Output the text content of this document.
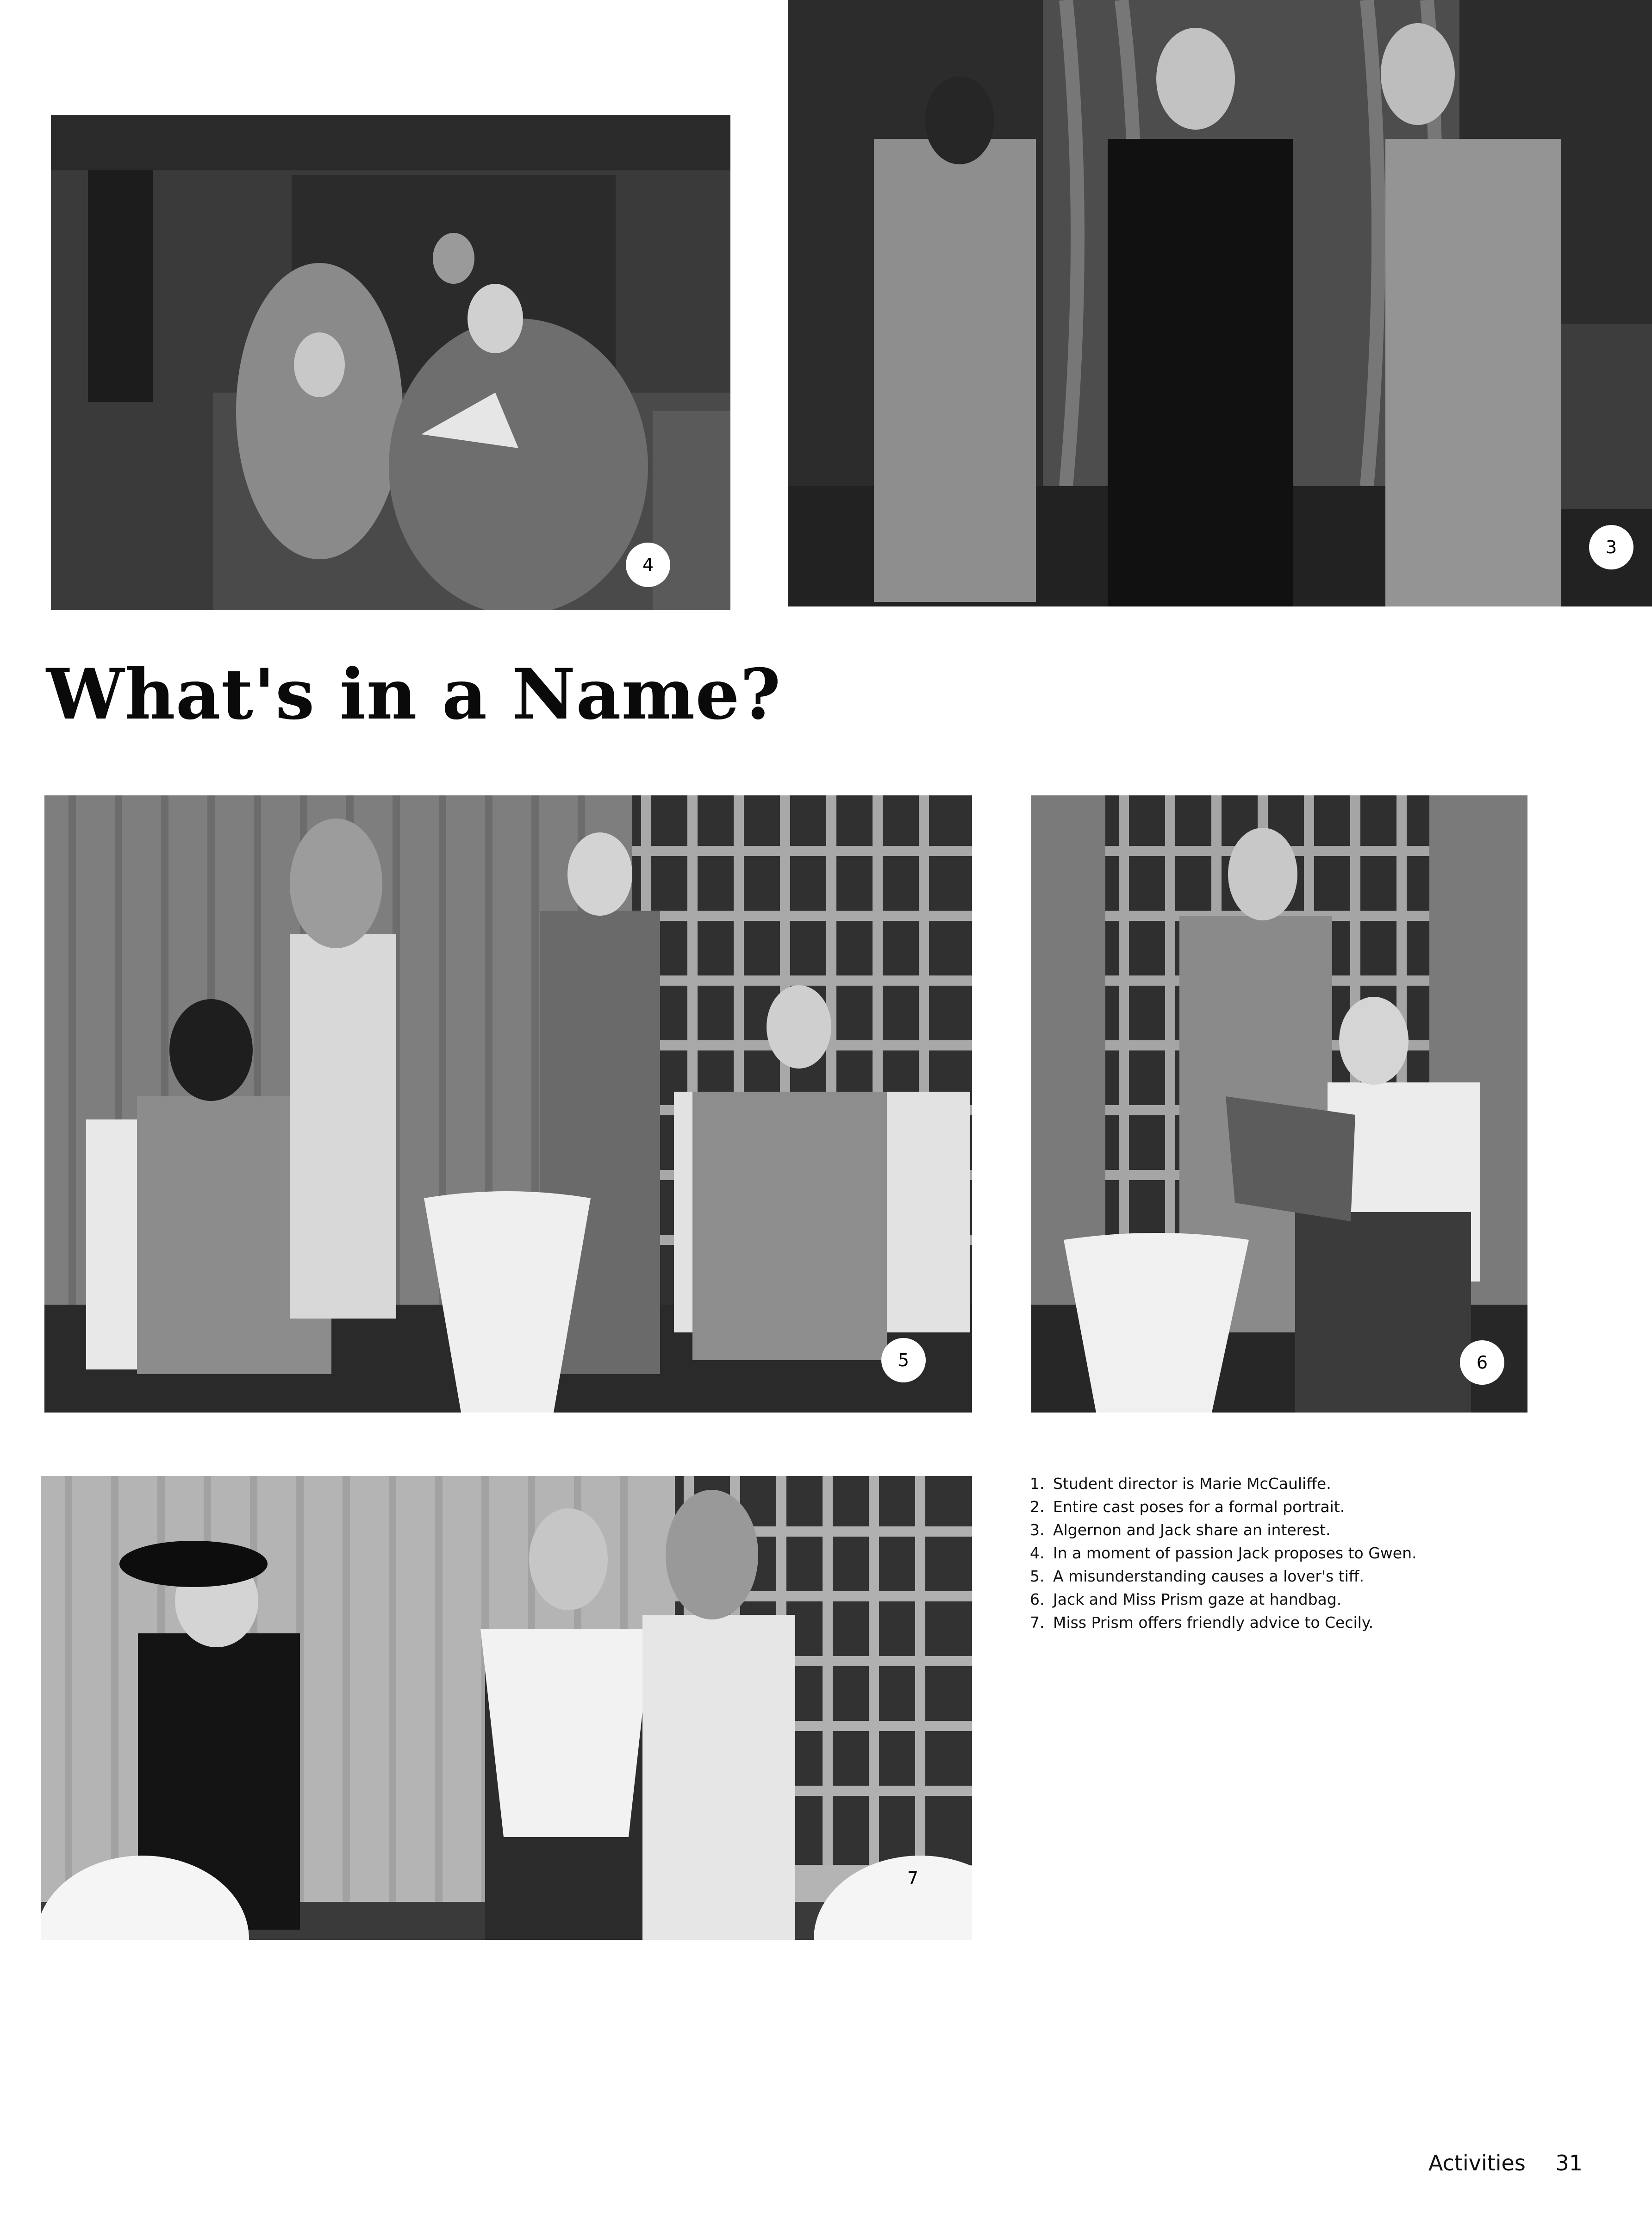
4
3
What's in a Name?
5	6
7
1. Student director is Marie McCauliffe.
2. Entire cast poses for a formal portrait.
3. Algernon and Jack share an interest.
4. In a moment of passion Jack proposes to Gwen.
5. A misunderstanding causes a lover's tiff.
6. Jack and Miss Prism gaze at handbag.
7. Miss Prism offers friendly advice to Cecily.
Activities 31
